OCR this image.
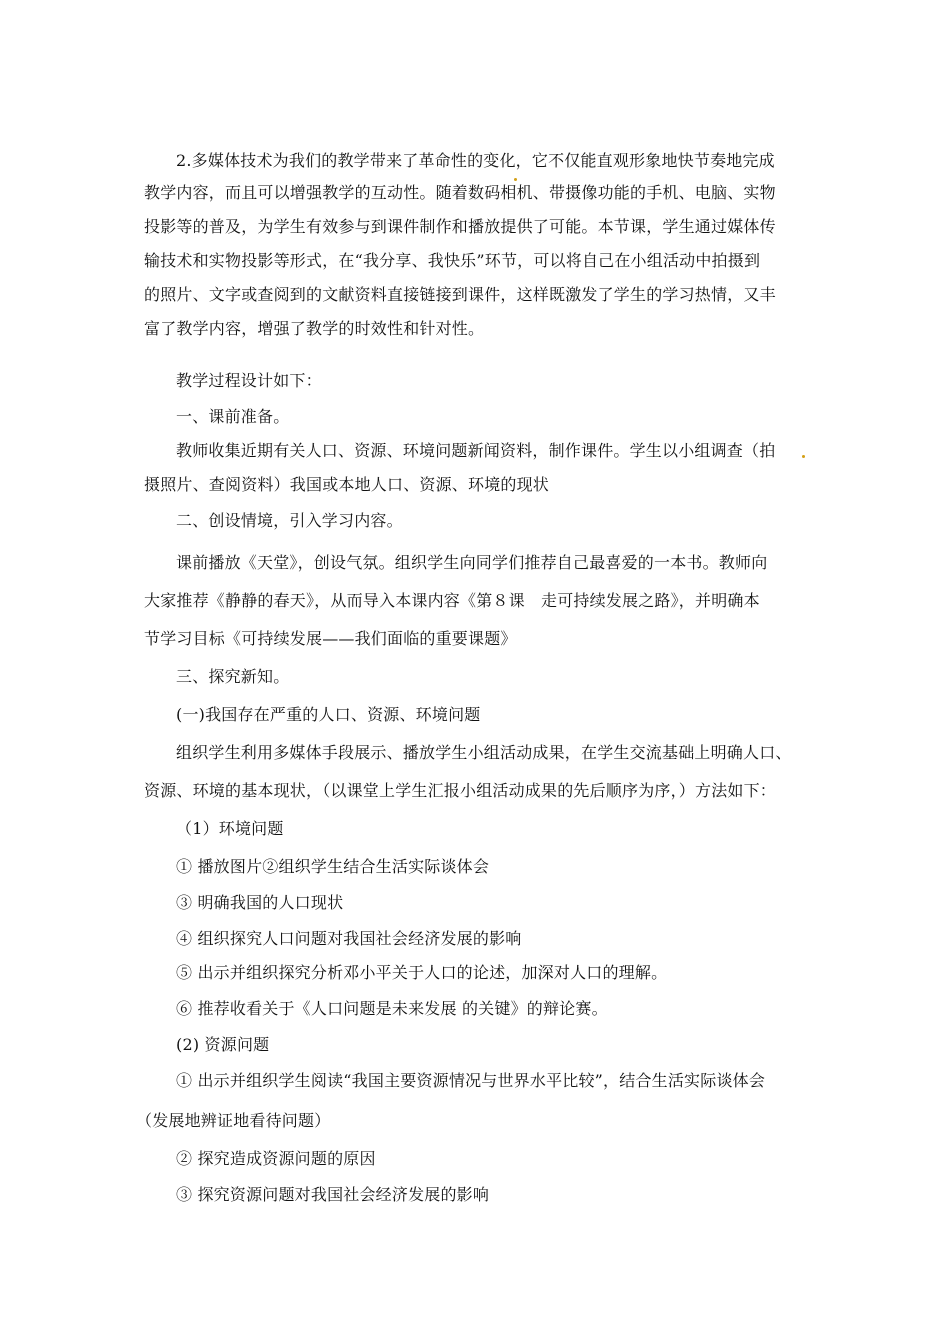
2.多媒体技术为我们的教学带来了革命性的变化，它不仅能直观形象地快节奏地完成
教学内容，而且可以增强教学的互动性。随着数码相机、带摄像功能的手机、电脑、实物
投影等的普及，为学生有效参与到课件制作和播放提供了可能。本节课，学生通过媒体传
输技术和实物投影等形式，在“我分享、我快乐”环节，可以将自己在小组活动中拍摄到
的照片、文字或查阅到的文献资料直接链接到课件，这样既激发了学生的学习热情，又丰
富了教学内容，增强了教学的时效性和针对性。
教学过程设计如下：
一、课前准备。
教师收集近期有关人口、资源、环境问题新闻资料，制作课件。学生以小组调查（拍
摄照片、查阅资料）我国或本地人口、资源、环境的现状
二、创设情境，引入学习内容。
课前播放《天堂》，创设气氛。组织学生向同学们推荐自己最喜爱的一本书。教师向
大家推荐《静静的春天》，从而导入本课内容《第８课　走可持续发展之路》，并明确本
节学习目标《可持续发展——我们面临的重要课题》
三、探究新知。
(一)我国存在严重的人口、资源、环境问题
组织学生利用多媒体手段展示、播放学生小组活动成果，在学生交流基础上明确人口、
资源、环境的基本现状，（以课堂上学生汇报小组活动成果的先后顺序为序，）方法如下：
（1）环境问题
① 播放图片②组织学生结合生活实际谈体会
③ 明确我国的人口现状
④ 组织探究人口问题对我国社会经济发展的影响
⑤ 出示并组织探究分析邓小平关于人口的论述，加深对人口的理解。
⑥ 推荐收看关于《人口问题是未来发展 的关键》的辩论赛。
(2) 资源问题
① 出示并组织学生阅读“我国主要资源情况与世界水平比较”，结合生活实际谈体会
（发展地辨证地看待问题）
② 探究造成资源问题的原因
③ 探究资源问题对我国社会经济发展的影响
